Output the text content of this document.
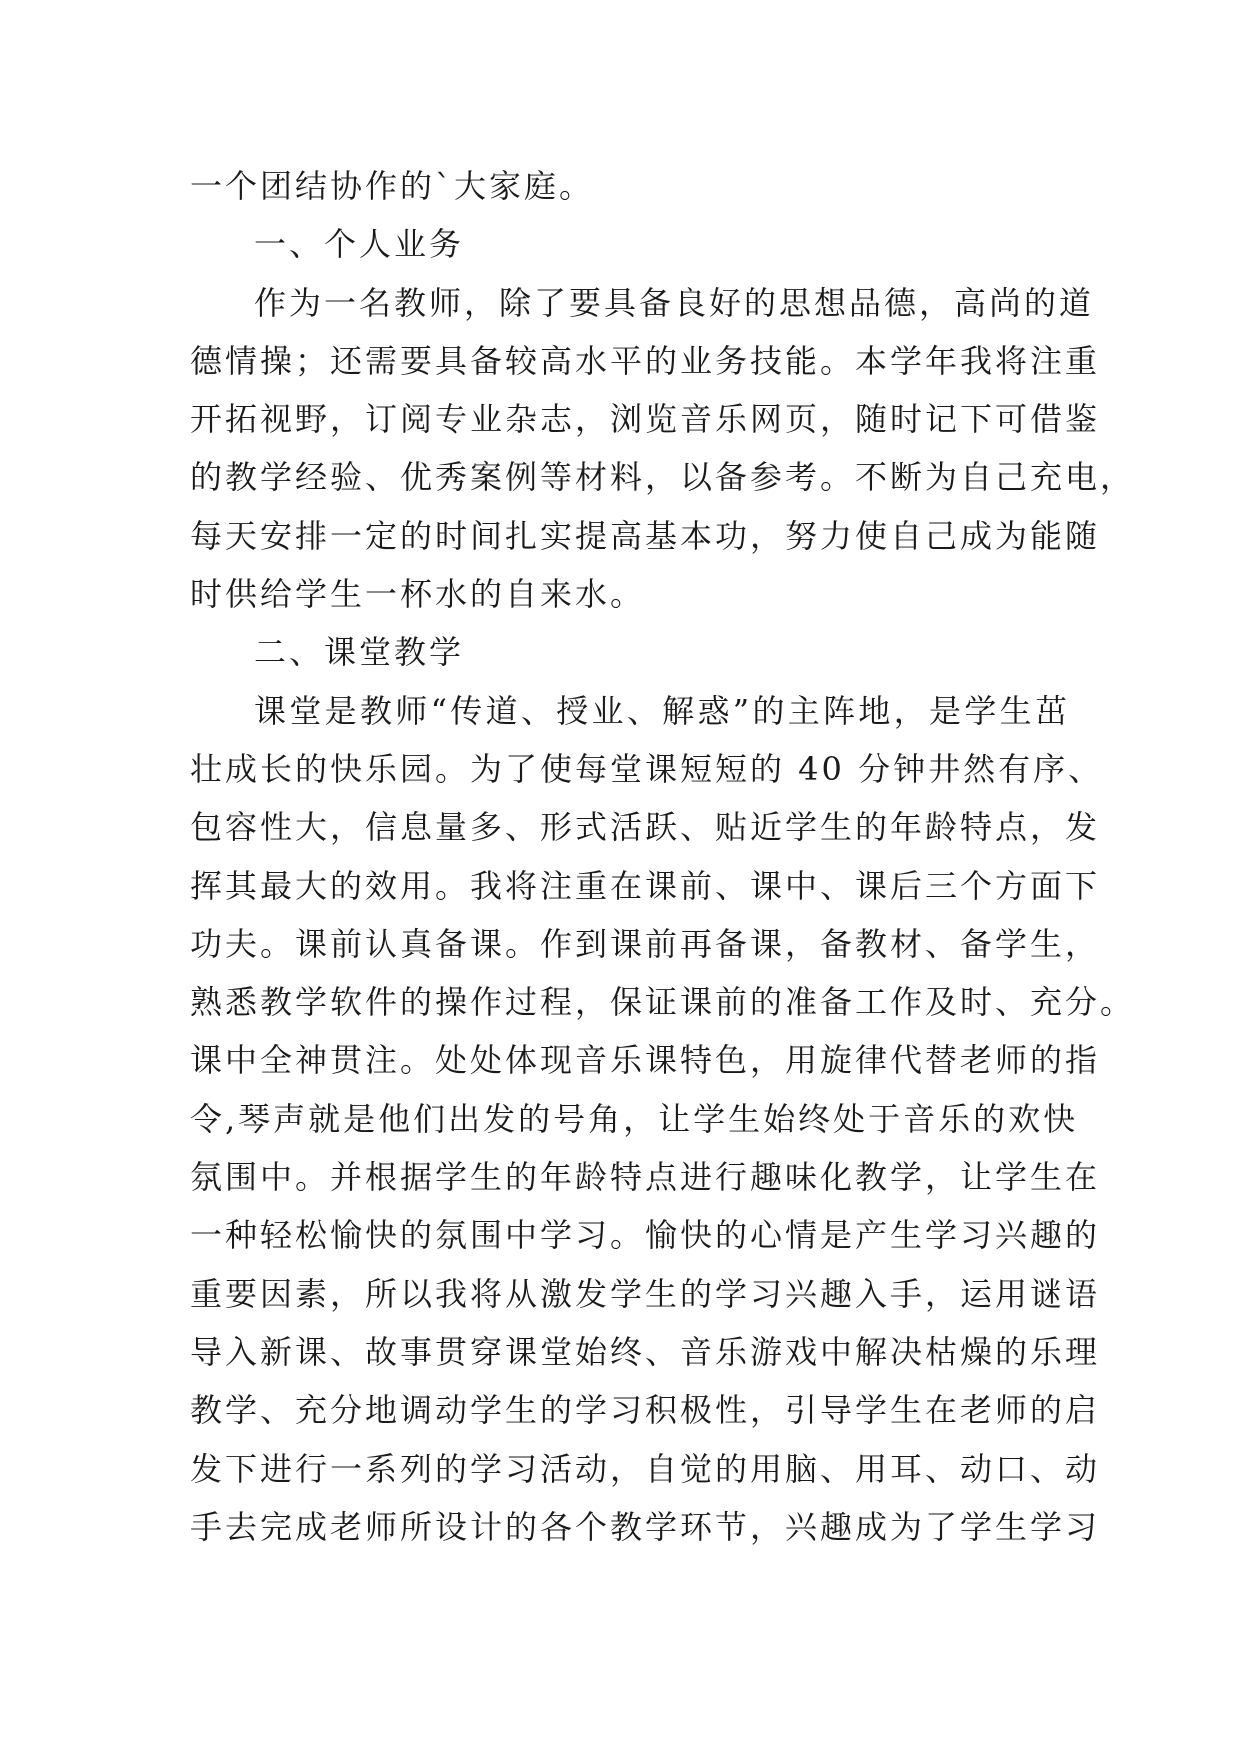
一个团结协作的`大家庭。
一、个人业务
作为一名教师，除了要具备良好的思想品德，高尚的道
德情操；还需要具备较高水平的业务技能。本学年我将注重
开拓视野，订阅专业杂志，浏览音乐网页，随时记下可借鉴
的教学经验、优秀案例等材料，以备参考。不断为自己充电，
每天安排一定的时间扎实提高基本功，努力使自己成为能随
时供给学生一杯水的自来水。
二、课堂教学
课堂是教师“传道、授业、解惑”的主阵地，是学生茁
壮成长的快乐园。为了使每堂课短短的 40 分钟井然有序、
包容性大，信息量多、形式活跃、贴近学生的年龄特点，发
挥其最大的效用。我将注重在课前、课中、课后三个方面下
功夫。课前认真备课。作到课前再备课，备教材、备学生，
熟悉教学软件的操作过程，保证课前的准备工作及时、充分。
课中全神贯注。处处体现音乐课特色，用旋律代替老师的指
令,琴声就是他们出发的号角，让学生始终处于音乐的欢快
氛围中。并根据学生的年龄特点进行趣味化教学，让学生在
一种轻松愉快的氛围中学习。愉快的心情是产生学习兴趣的
重要因素，所以我将从激发学生的学习兴趣入手，运用谜语
导入新课、故事贯穿课堂始终、音乐游戏中解决枯燥的乐理
教学、充分地调动学生的学习积极性，引导学生在老师的启
发下进行一系列的学习活动，自觉的用脑、用耳、动口、动
手去完成老师所设计的各个教学环节，兴趣成为了学生学习
